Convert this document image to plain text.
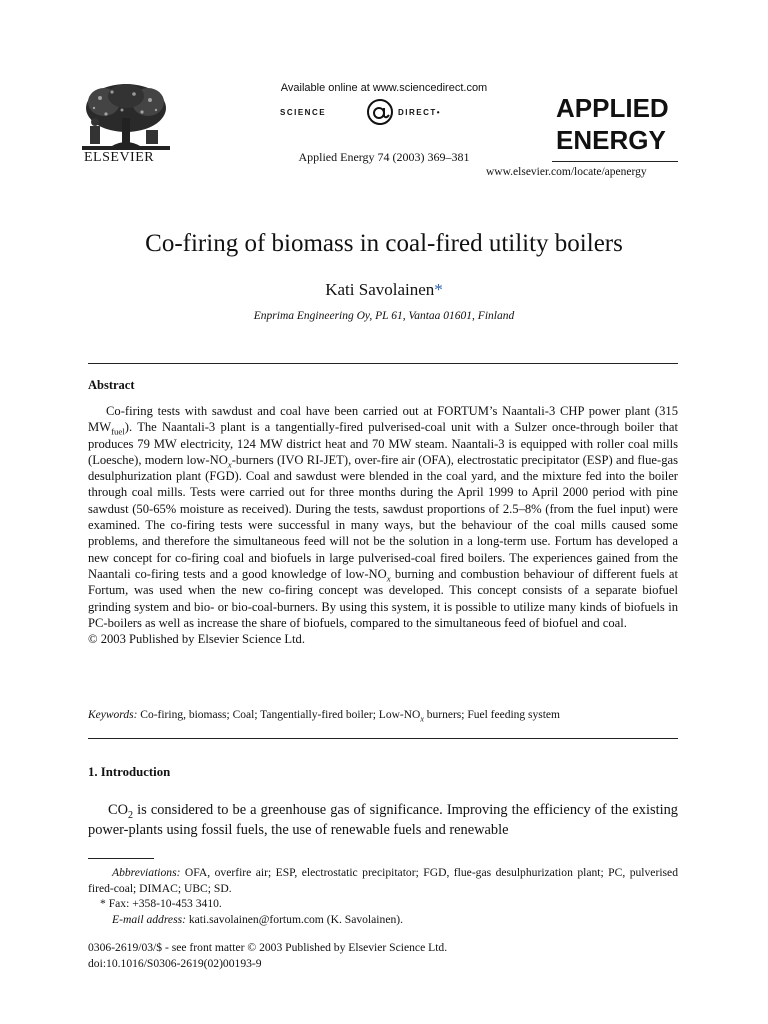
ELSEVIER
Available online at www.sciencedirect.com
SCIENCE	DIRECT•
Applied Energy 74 (2003) 369–381
APPLIED
ENERGY
www.elsevier.com/locate/apenergy
Co-firing of biomass in coal-fired utility boilers
Kati Savolainen*
Enprima Engineering Oy, PL 61, Vantaa 01601, Finland
Abstract

Co-firing tests with sawdust and coal have been carried out at FORTUM’s Naantali-3 CHP power plant (315 $MW_{fuel}$). The Naantali-3 plant is a tangentially-fired pulverised-coal unit with a Sulzer once-through boiler that produces 79 MW electricity, 124 MW district heat and 70 MW steam. Naantali-3 is equipped with roller coal mills (Loesche), modern low-$NO_x$-burners (IVO RI-JET), over-fire air (OFA), electrostatic precipitator (ESP) and flue-gas desulphurization plant (FGD). Coal and sawdust were blended in the coal yard, and the mixture fed into the boiler through coal mills. Tests were carried out for three months during the April 1999 to April 2000 period with pine sawdust (50-65% moisture as received). During the tests, sawdust proportions of 2.5–8% (from the fuel input) were examined. The co-firing tests were successful in many ways, but the behaviour of the coal mills caused some problems, and therefore the simultaneous feed will not be the solution in a long-term use. Fortum has developed a new concept for co-firing coal and biofuels in large pulverised-coal fired boilers. The experiences gained from the Naantali co-firing tests and a good knowledge of low-$NO_x$ burning and combustion behaviour of different fuels at Fortum, was used when the new co-firing concept was developed. This concept consists of a separate biofuel grinding system and bio- or bio-coal-burners. By using this system, it is possible to utilize many kinds of biofuels in PC-boilers as well as increase the share of biofuels, compared to the simultaneous feed of biofuel and coal.

© 2003 Published by Elsevier Science Ltd.
Keywords: Co-firing, biomass; Coal; Tangentially-fired boiler; Low-$NO_x$ burners; Fuel feeding system
1. Introduction

$CO_2$ is considered to be a greenhouse gas of significance. Improving the efficiency of the existing power-plants using fossil fuels, the use of renewable fuels and renewable

Abbreviations: OFA, overfire air; ESP, electrostatic precipitator; FGD, flue-gas desulphurization plant; PC, pulverised fired-coal; DIMAC; UBC; SD.
* Fax: +358-10-453 3410.
E-mail address: kati.savolainen@fortum.com (K. Savolainen).
0306-2619/03/$ - see front matter © 2003 Published by Elsevier Science Ltd.
doi:10.1016/S0306-2619(02)00193-9
